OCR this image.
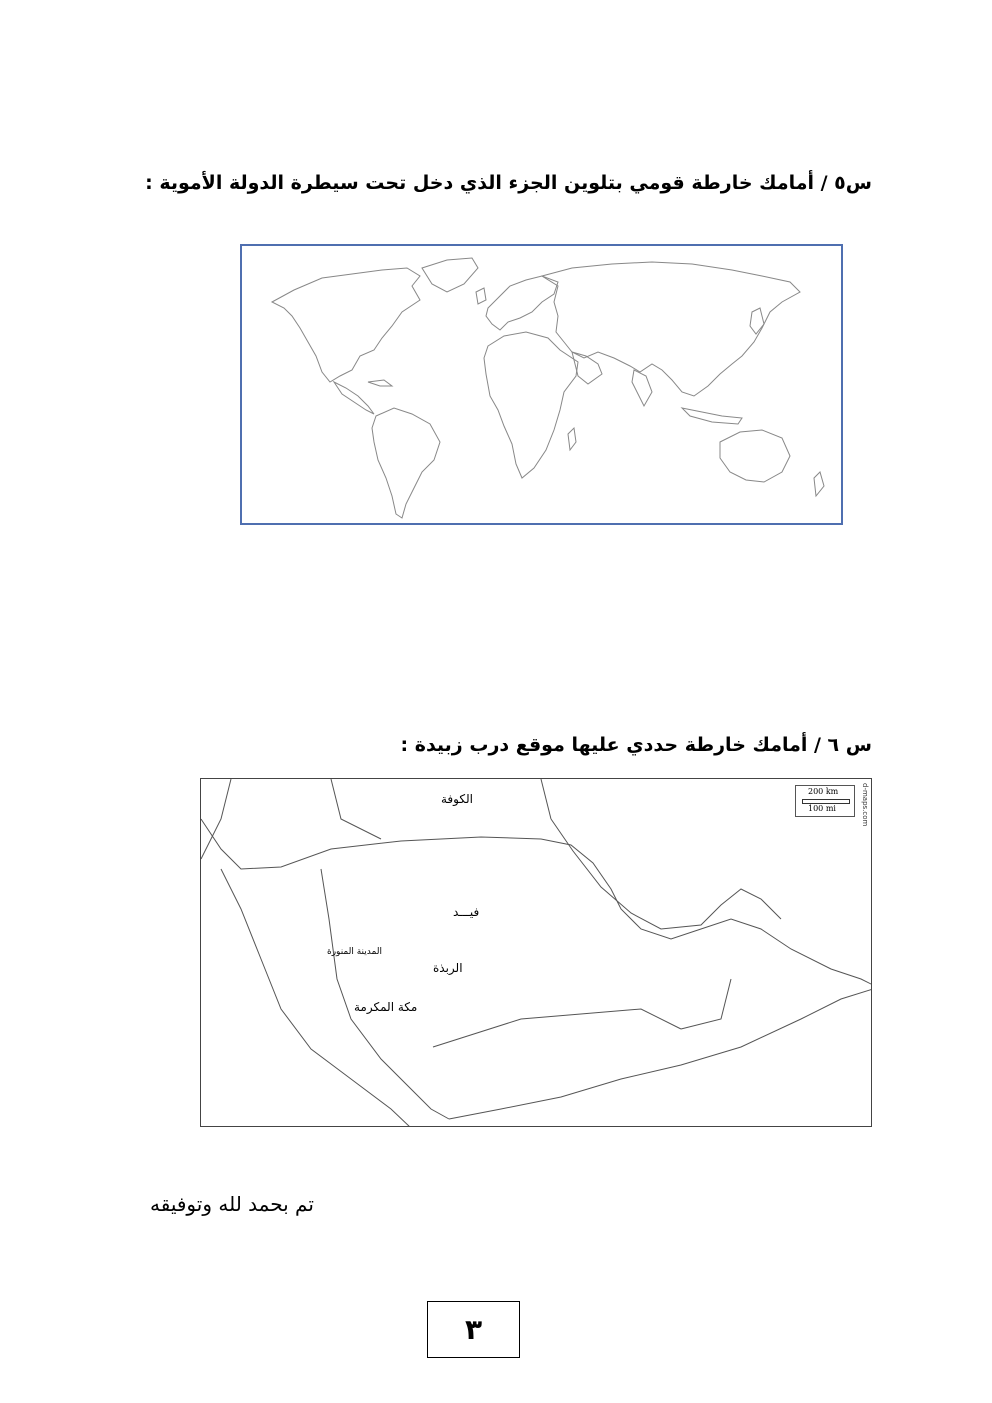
س٥ / أمامك خارطة قومي بتلوين الجزء الذي دخل تحت سيطرة الدولة الأموية :
س ٦ / أمامك خارطة حددي عليها موقع درب زبيدة :
الكوفة
فيـــد
المدينة المنورة
الربذة
مكة المكرمة
200 km
100 mi	d-maps.com
تم بحمد لله وتوفيقه
٣
